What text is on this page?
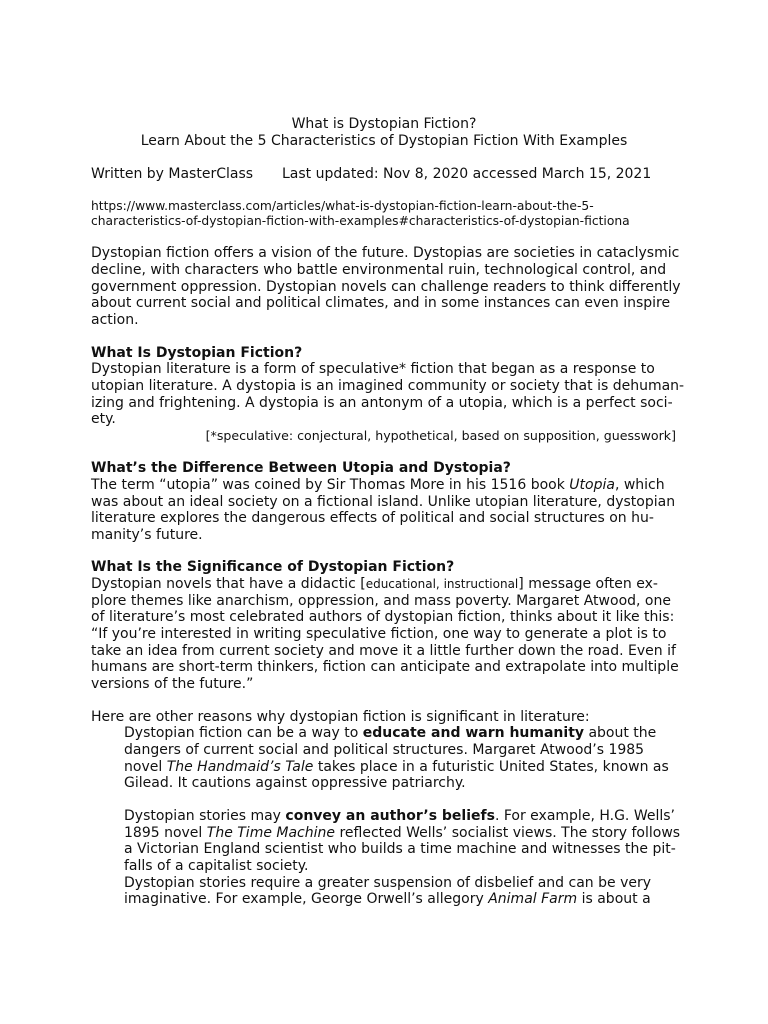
What is Dystopian Fiction?
Learn About the 5 Characteristics of Dystopian Fiction With Examples
Written by MasterClass Last updated: Nov 8, 2020 accessed March 15, 2021
https://www.masterclass.com/articles/what-is-dystopian-fiction-learn-about-the-5-
characteristics-of-dystopian-fiction-with-examples#characteristics-of-dystopian-fictiona
Dystopian fiction offers a vision of the future. Dystopias are societies in cataclysmic
decline, with characters who battle environmental ruin, technological control, and
government oppression. Dystopian novels can challenge readers to think differently
about current social and political climates, and in some instances can even inspire
action.
What Is Dystopian Fiction?
Dystopian literature is a form of speculative* fiction that began as a response to
utopian literature. A dystopia is an imagined community or society that is dehuman-
izing and frightening. A dystopia is an antonym of a utopia, which is a perfect soci-
ety.
[*speculative: conjectural, hypothetical, based on supposition, guesswork]
What’s the Difference Between Utopia and Dystopia?
The term “utopia” was coined by Sir Thomas More in his 1516 book Utopia, which
was about an ideal society on a fictional island. Unlike utopian literature, dystopian
literature explores the dangerous effects of political and social structures on hu-
manity’s future.
What Is the Significance of Dystopian Fiction?
Dystopian novels that have a didactic [educational, instructional] message often ex-
plore themes like anarchism, oppression, and mass poverty. Margaret Atwood, one
of literature’s most celebrated authors of dystopian fiction, thinks about it like this:
“If you’re interested in writing speculative fiction, one way to generate a plot is to
take an idea from current society and move it a little further down the road. Even if
humans are short-term thinkers, fiction can anticipate and extrapolate into multiple
versions of the future.”
Here are other reasons why dystopian fiction is significant in literature:
Dystopian fiction can be a way to educate and warn humanity about the
dangers of current social and political structures. Margaret Atwood’s 1985
novel The Handmaid’s Tale takes place in a futuristic United States, known as
Gilead. It cautions against oppressive patriarchy.
Dystopian stories may convey an author’s beliefs. For example, H.G. Wells’
1895 novel The Time Machine reflected Wells’ socialist views. The story follows
a Victorian England scientist who builds a time machine and witnesses the pit-
falls of a capitalist society.
Dystopian stories require a greater suspension of disbelief and can be very
imaginative. For example, George Orwell’s allegory Animal Farm is about a
